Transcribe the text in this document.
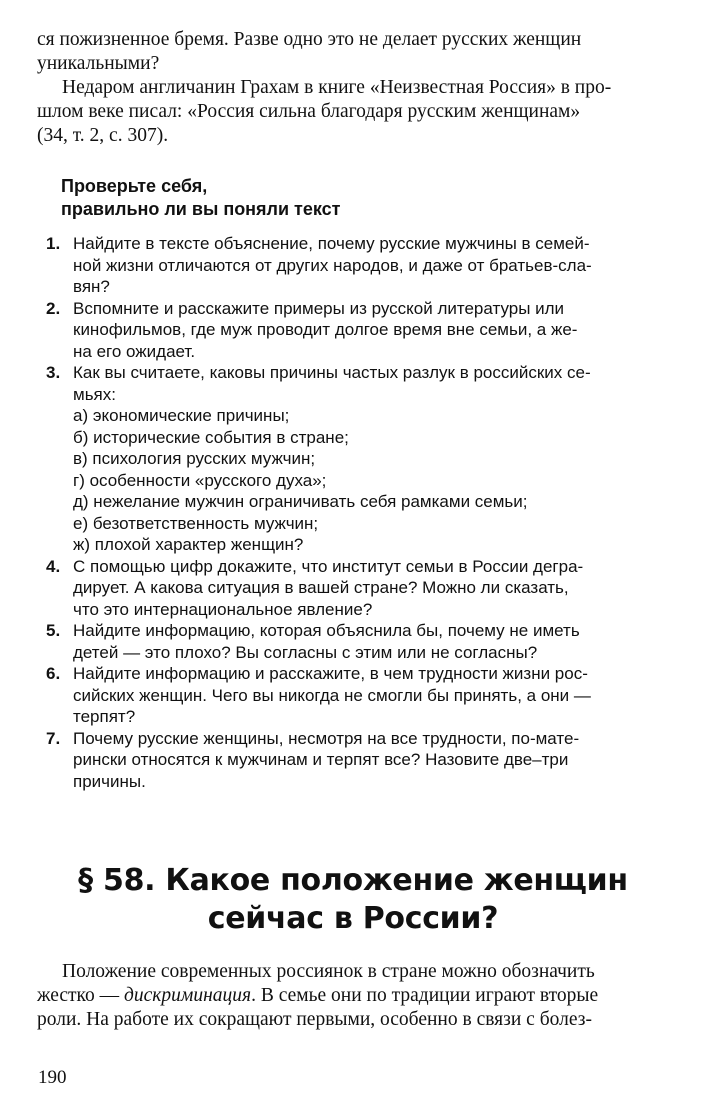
ся пожизненное бремя. Разве одно это не делает русских женщин
уникальными?

Недаром англичанин Грахам в книге «Неизвестная Россия» в про-
шлом веке писал: «Россия сильна благодаря русским женщинам»
(34, т. 2, с. 307).

Проверьте себя,
правильно ли вы поняли текст
1. Найдите в тексте объяснение, почему русские мужчины в семей-
ной жизни отличаются от других народов, и даже от братьев-сла-
вян?
2. Вспомните и расскажите примеры из русской литературы или
кинофильмов, где муж проводит долгое время вне семьи, а же-
на его ожидает.
3. Как вы считаете, каковы причины частых разлук в российских се-
мьях:
а) экономические причины;
б) исторические события в стране;
в) психология русских мужчин;
г) особенности «русского духа»;
д) нежелание мужчин ограничивать себя рамками семьи;
е) безответственность мужчин;
ж) плохой характер женщин?
4. С помощью цифр докажите, что институт семьи в России дегра-
дирует. А какова ситуация в вашей стране? Можно ли сказать,
что это интернациональное явление?
5. Найдите информацию, которая объяснила бы, почему не иметь
детей — это плохо? Вы согласны с этим или не согласны?
6. Найдите информацию и расскажите, в чем трудности жизни рос-
сийских женщин. Чего вы никогда не смогли бы принять, а они —
терпят?
7. Почему русские женщины, несмотря на все трудности, по-мате-
рински относятся к мужчинам и терпят все? Назовите две–три
причины.
§ 58. Какое положение женщин
сейчас в России?

Положение современных россиянок в стране можно обозначить
жестко — дискриминация. В семье они по традиции играют вторые
роли. На работе их сокращают первыми, особенно в связи с болез-

190
